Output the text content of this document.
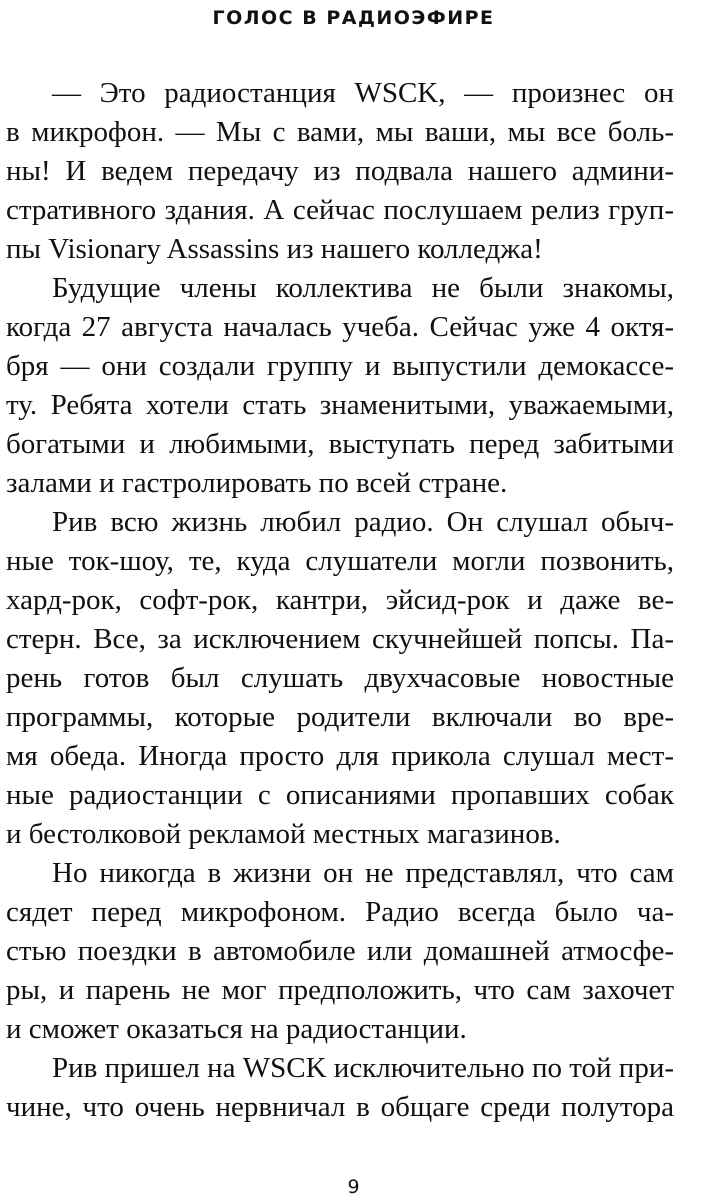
ГОЛОС В РАДИОЭФИРЕ
— Это радиостанция WSCK, — произнес он
в микрофон. — Мы с вами, мы ваши, мы все боль-
ны! И ведем передачу из подвала нашего админи-
стративного здания. А сейчас послушаем релиз груп-
пы Visionary Assassins из нашего колледжа!
Будущие члены коллектива не были знакомы,
когда 27 августа началась учеба. Сейчас уже 4 октя-
бря — они создали группу и выпустили демокассе-
ту. Ребята хотели стать знаменитыми, уважаемыми,
богатыми и любимыми, выступать перед забитыми
залами и гастролировать по всей стране.
Рив всю жизнь любил радио. Он слушал обыч-
ные ток-шоу, те, куда слушатели могли позвонить,
хард-рок, софт-рок, кантри, эйсид-рок и даже ве-
стерн. Все, за исключением скучнейшей попсы. Па-
рень готов был слушать двухчасовые новостные
программы, которые родители включали во вре-
мя обеда. Иногда просто для прикола слушал мест-
ные радиостанции с описаниями пропавших собак
и бестолковой рекламой местных магазинов.
Но никогда в жизни он не представлял, что сам
сядет перед микрофоном. Радио всегда было ча-
стью поездки в автомобиле или домашней атмосфе-
ры, и парень не мог предположить, что сам захочет
и сможет оказаться на радиостанции.
Рив пришел на WSCK исключительно по той при-
чине, что очень нервничал в общаге среди полутора
9
